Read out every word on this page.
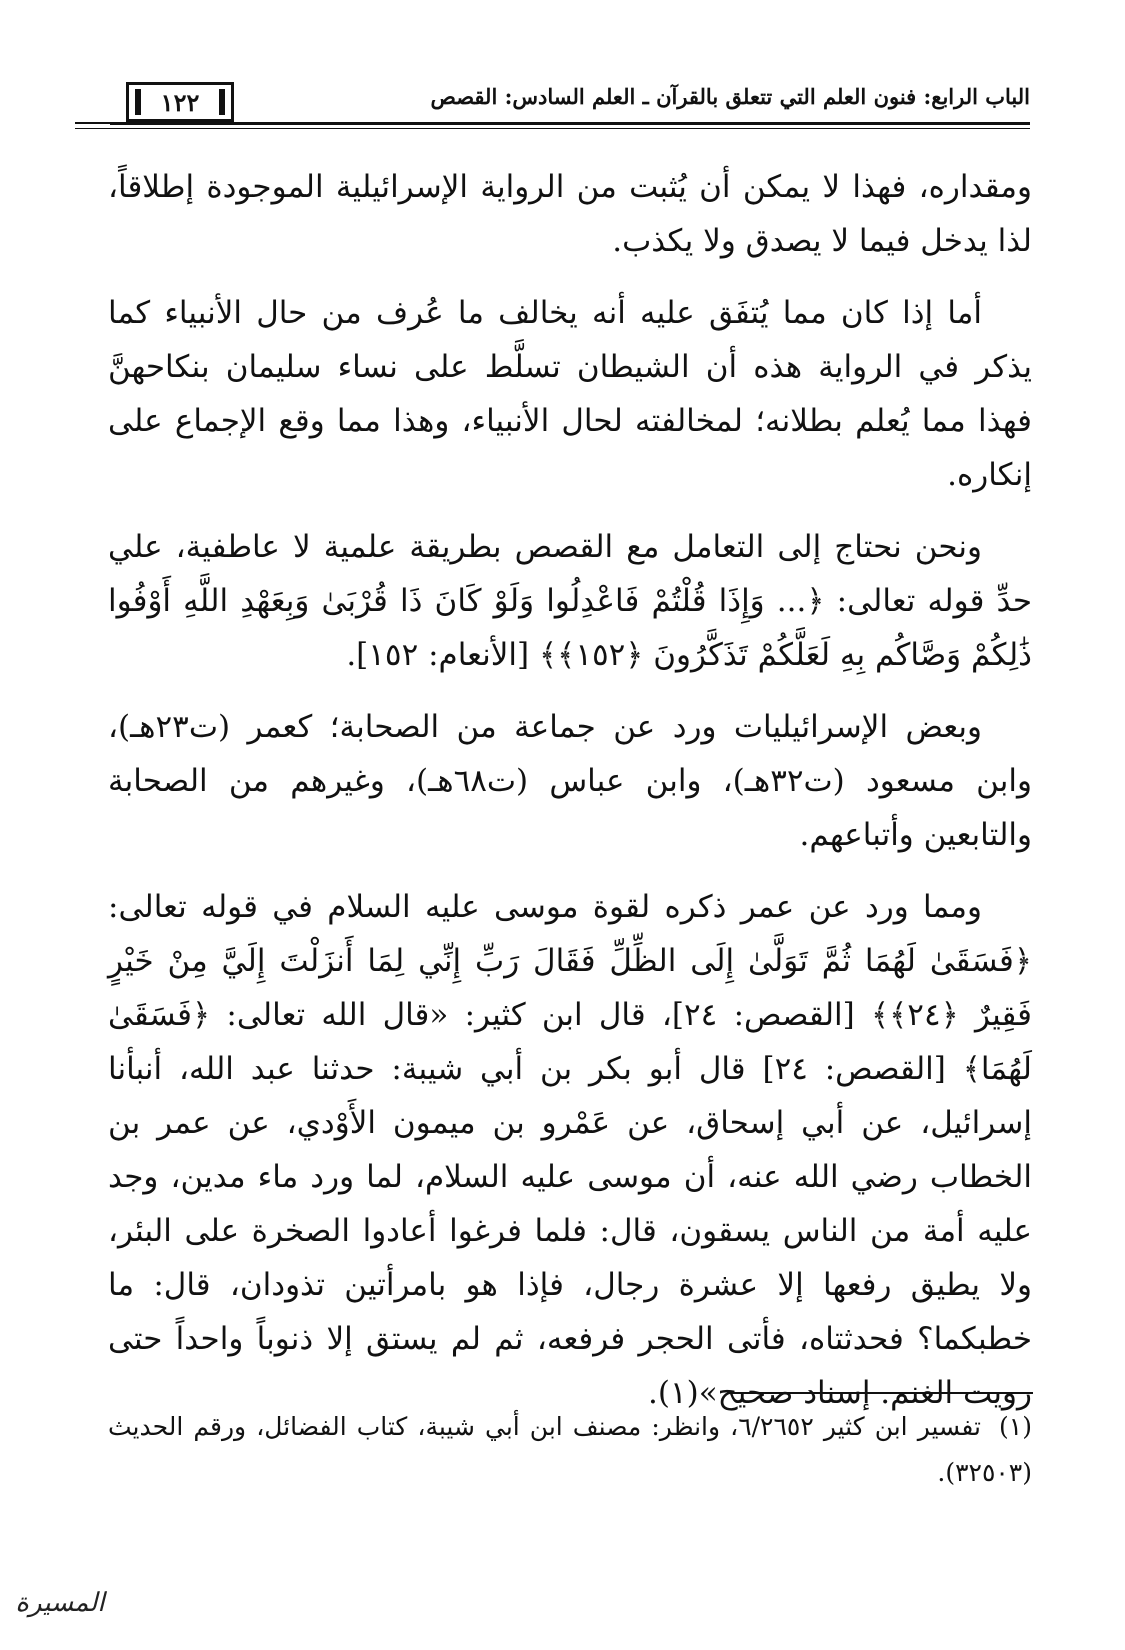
الباب الرابع: فنون العلم التي تتعلق بالقرآن ـ العلم السادس: القصص
١٢٢

ومقداره، فهذا لا يمكن أن يُثبت من الرواية الإسرائيلية الموجودة إطلاقاً، لذا يدخل فيما لا يصدق ولا يكذب.

أما إذا كان مما يُتفَق عليه أنه يخالف ما عُرف من حال الأنبياء كما يذكر في الرواية هذه أن الشيطان تسلَّط على نساء سليمان بنكاحهنَّ فهذا مما يُعلم بطلانه؛ لمخالفته لحال الأنبياء، وهذا مما وقع الإجماع على إنكاره.

ونحن نحتاج إلى التعامل مع القصص بطريقة علمية لا عاطفية، علي حدِّ قوله تعالى: ﴿... وَإِذَا قُلْتُمْ فَاعْدِلُوا وَلَوْ كَانَ ذَا قُرْبَىٰ وَبِعَهْدِ اللَّهِ أَوْفُوا ذَٰلِكُمْ وَصَّاكُم بِهِ لَعَلَّكُمْ تَذَكَّرُونَ ﴿١٥٢﴾﴾ [الأنعام: ١٥٢].

وبعض الإسرائيليات ورد عن جماعة من الصحابة؛ كعمر (ت٢٣هـ)، وابن مسعود (ت٣٢هـ)، وابن عباس (ت٦٨هـ)، وغيرهم من الصحابة والتابعين وأتباعهم.

ومما ورد عن عمر ذكره لقوة موسى عليه السلام في قوله تعالى: ﴿فَسَقَىٰ لَهُمَا ثُمَّ تَوَلَّىٰ إِلَى الظِّلِّ فَقَالَ رَبِّ إِنِّي لِمَا أَنزَلْتَ إِلَيَّ مِنْ خَيْرٍ فَقِيرٌ ﴿٢٤﴾﴾ [القصص: ٢٤]، قال ابن كثير: «قال الله تعالى: ﴿فَسَقَىٰ لَهُمَا﴾ [القصص: ٢٤] قال أبو بكر بن أبي شيبة: حدثنا عبد الله، أنبأنا إسرائيل، عن أبي إسحاق، عن عَمْرو بن ميمون الأَوْدي، عن عمر بن الخطاب رضي الله عنه، أن موسى عليه السلام، لما ورد ماء مدين، وجد عليه أمة من الناس يسقون، قال: فلما فرغوا أعادوا الصخرة على البئر، ولا يطيق رفعها إلا عشرة رجال، فإذا هو بامرأتين تذودان، قال: ما خطبكما؟ فحدثتاه، فأتى الحجر فرفعه، ثم لم يستق إلا ذنوباً واحداً حتى رويت الغنم. إسناد صحيح»(١).

(١) تفسير ابن كثير ٦/٢٦٥٢، وانظر: مصنف ابن أبي شيبة، كتاب الفضائل، ورقم الحديث (٣٢٥٠٣).
المسيرة
